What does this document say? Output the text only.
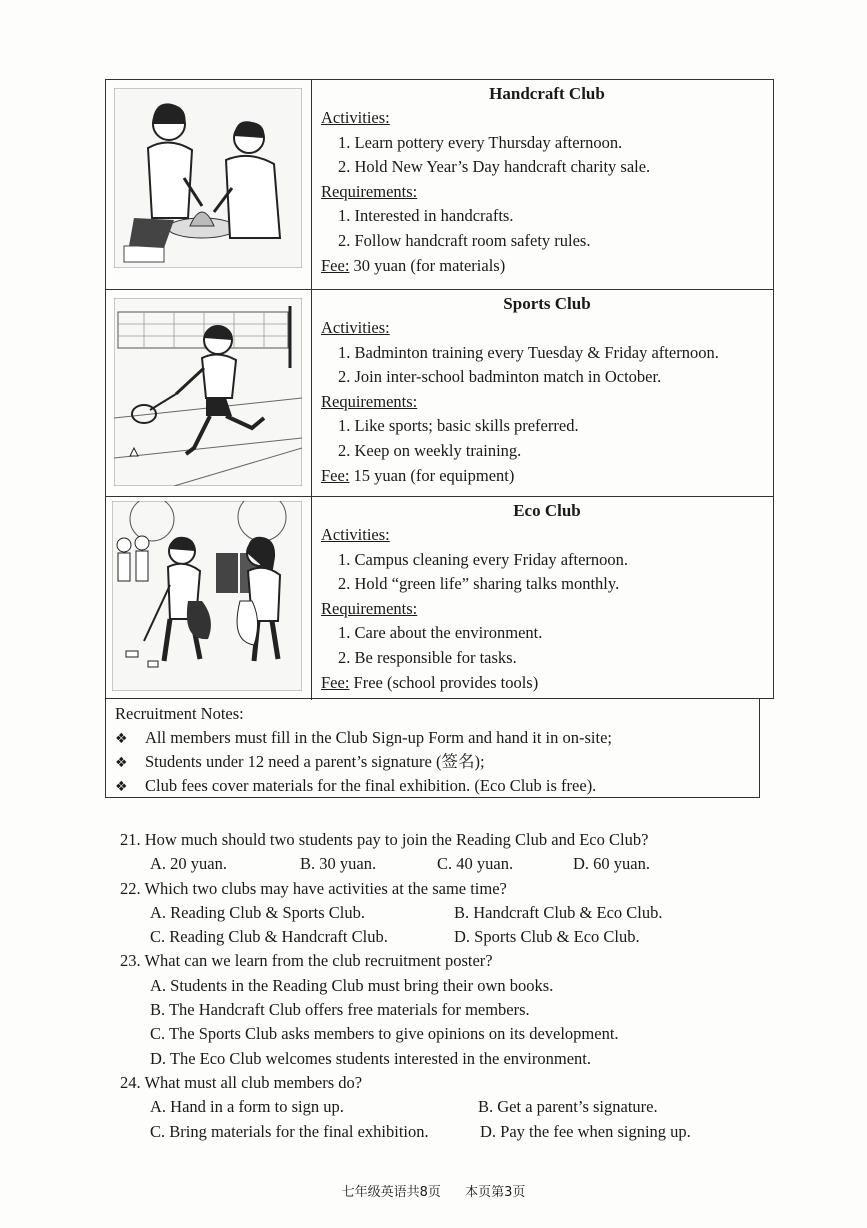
Handcraft Club
Activities:
1. Learn pottery every Thursday afternoon.
2. Hold New Year’s Day handcraft charity sale.
Requirements:
1. Interested in handcrafts.
2. Follow handcraft room safety rules.
Fee: 30 yuan (for materials)
Sports Club
Activities:
1. Badminton training every Tuesday & Friday afternoon.
2. Join inter-school badminton match in October.
Requirements:
1. Like sports; basic skills preferred.
2. Keep on weekly training.
Fee: 15 yuan (for equipment)
Eco Club
Activities:
1. Campus cleaning every Friday afternoon.
2. Hold “green life” sharing talks monthly.
Requirements:
1. Care about the environment.
2. Be responsible for tasks.
Fee: Free (school provides tools)
Recruitment Notes:
❖ All members must fill in the Club Sign-up Form and hand it in on-site;
❖ Students under 12 need a parent’s signature (签名);
❖ Club fees cover materials for the final exhibition. (Eco Club is free).
21. How much should two students pay to join the Reading Club and Eco Club?
A. 20 yuan.	B. 30 yuan.	C. 40 yuan.	D. 60 yuan.
22. Which two clubs may have activities at the same time?
A. Reading Club & Sports Club.	B. Handcraft Club & Eco Club.
C. Reading Club & Handcraft Club.	D. Sports Club & Eco Club.
23. What can we learn from the club recruitment poster?
A. Students in the Reading Club must bring their own books.
B. The Handcraft Club offers free materials for members.
C. The Sports Club asks members to give opinions on its development.
D. The Eco Club welcomes students interested in the environment.
24. What must all club members do?
A. Hand in a form to sign up.	B. Get a parent’s signature.
C. Bring materials for the final exhibition.	D. Pay the fee when signing up.
七年级英语共8页 本页第3页
